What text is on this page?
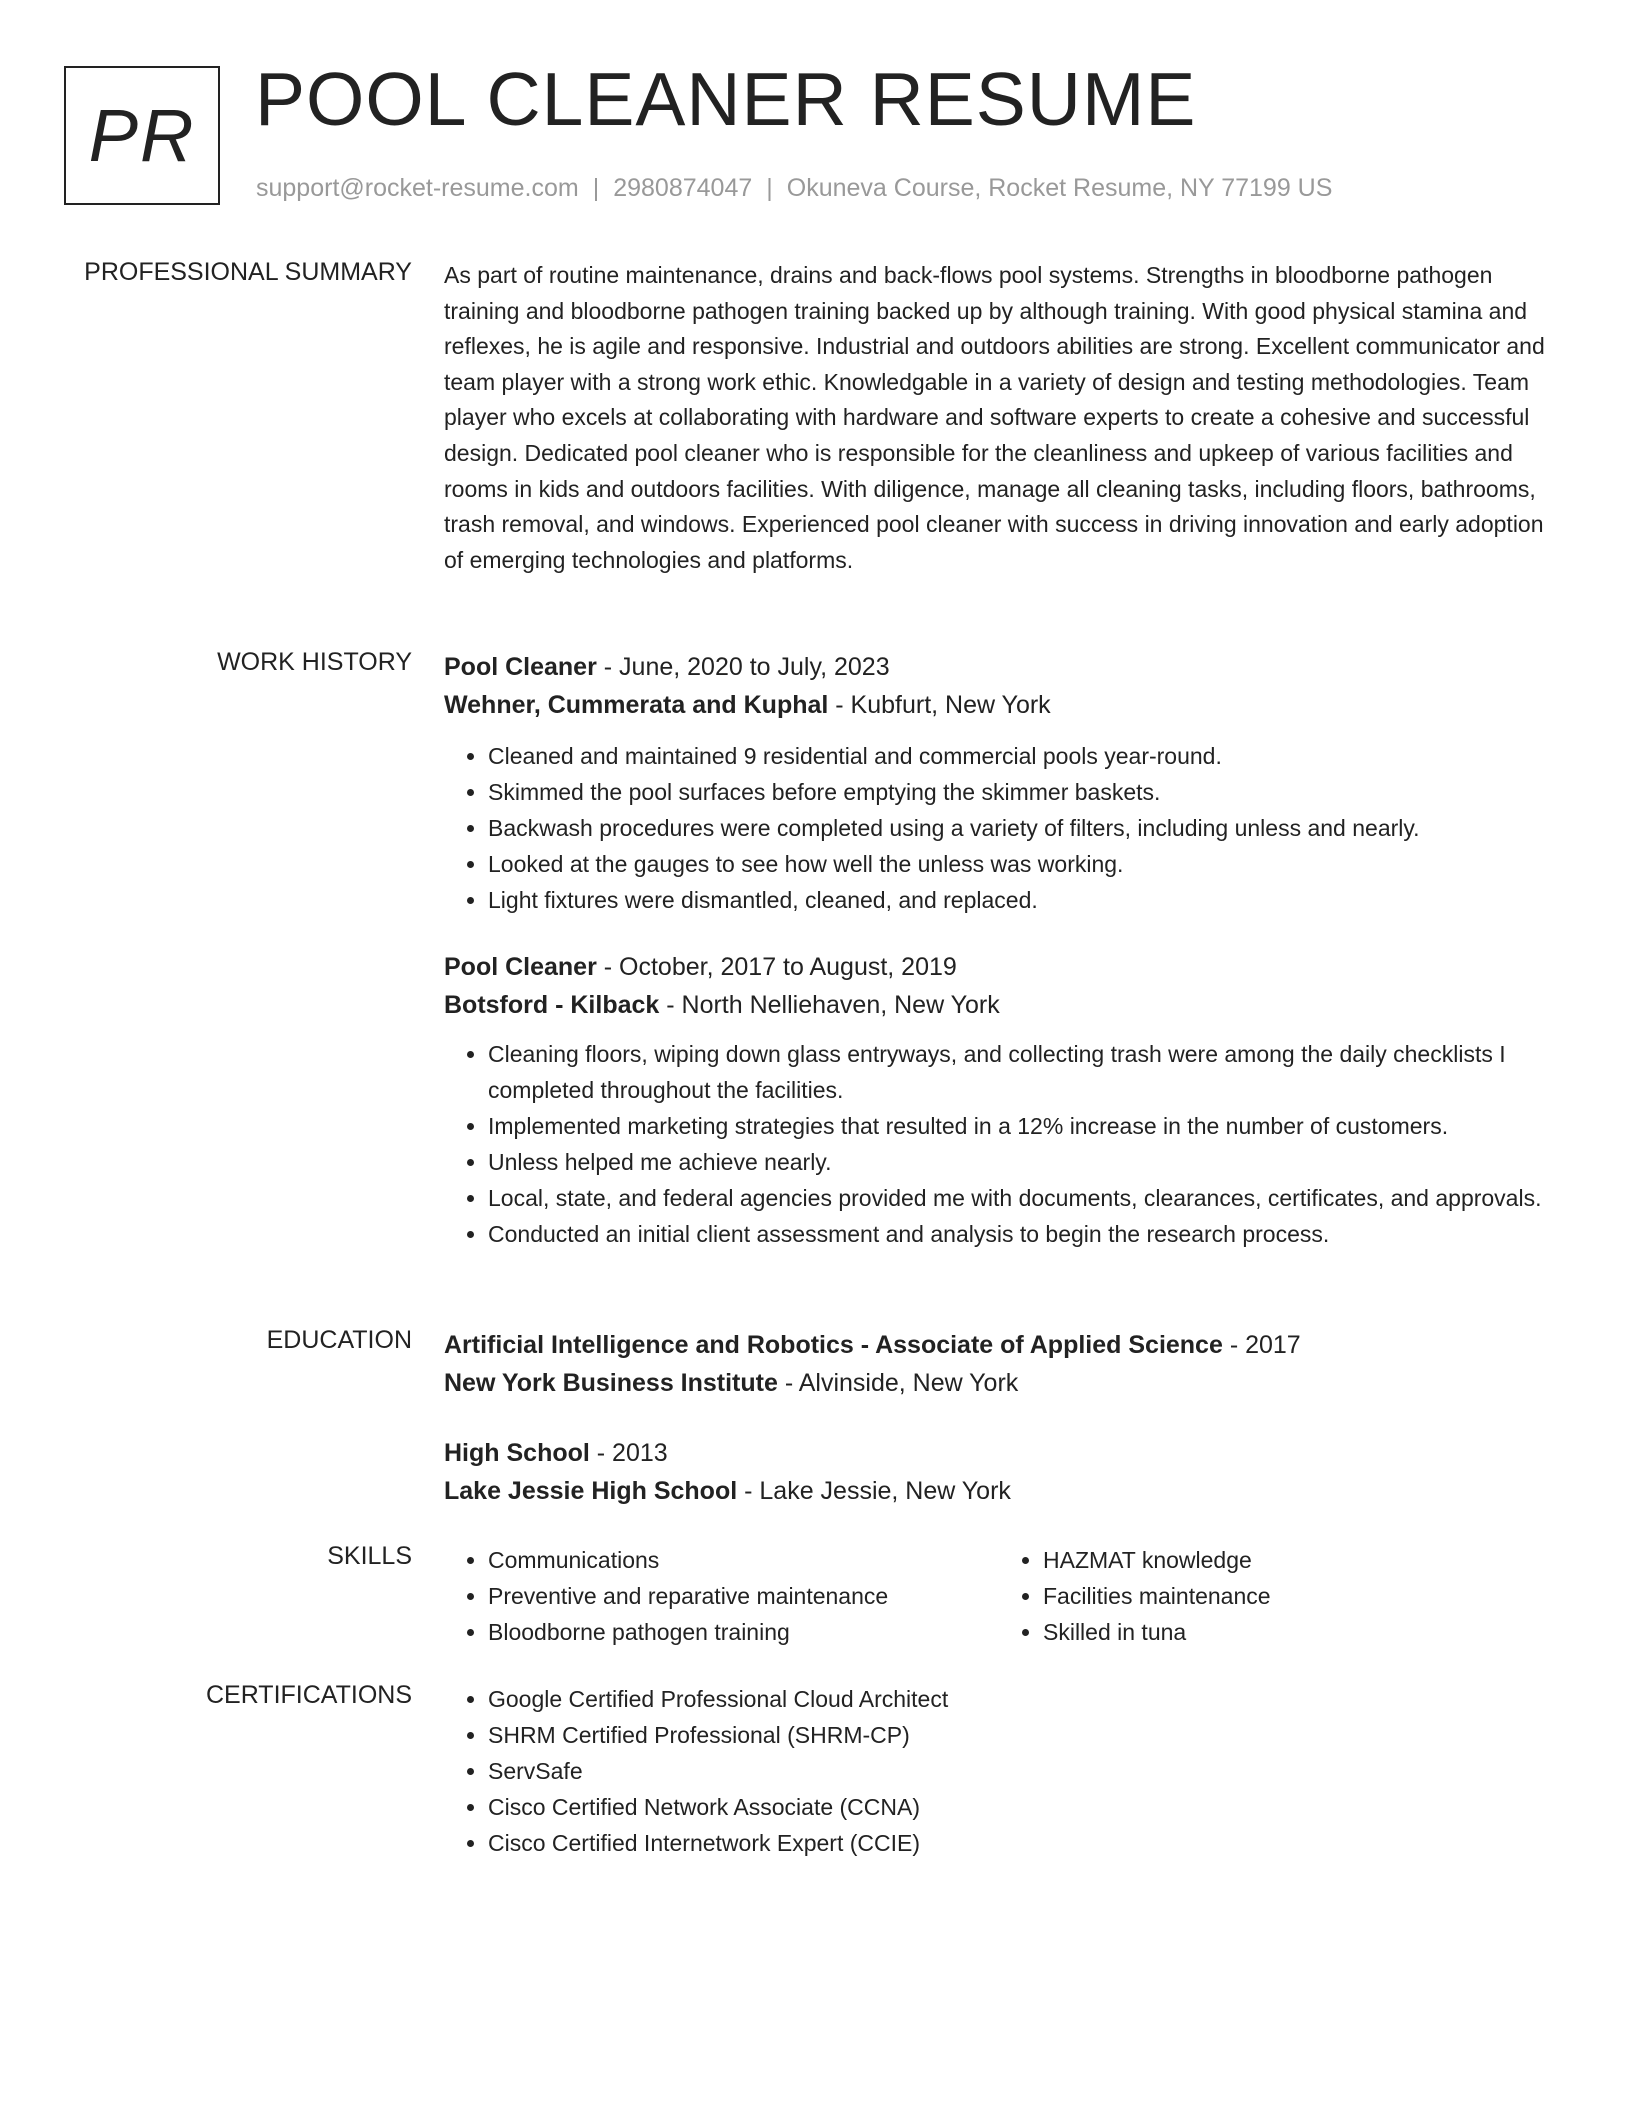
PR POOL CLEANER RESUME
support@rocket-resume.com | 2980874047 | Okuneva Course, Rocket Resume, NY 77199 US
PROFESSIONAL SUMMARY As part of routine maintenance, drains and back-flows pool systems. Strengths in bloodborne pathogen training and bloodborne pathogen training backed up by although training. With good physical stamina and reflexes, he is agile and responsive. Industrial and outdoors abilities are strong. Excellent communicator and team player with a strong work ethic. Knowledgable in a variety of design and testing methodologies. Team player who excels at collaborating with hardware and software experts to create a cohesive and successful design. Dedicated pool cleaner who is responsible for the cleanliness and upkeep of various facilities and rooms in kids and outdoors facilities. With diligence, manage all cleaning tasks, including floors, bathrooms, trash removal, and windows. Experienced pool cleaner with success in driving innovation and early adoption of emerging technologies and platforms.

WORK HISTORY Pool Cleaner - June, 2020 to July, 2023
Wehner, Cummerata and Kuphal - Kubfurt, New York
• Cleaned and maintained 9 residential and commercial pools year-round.
• Skimmed the pool surfaces before emptying the skimmer baskets.
• Backwash procedures were completed using a variety of filters, including unless and nearly.
• Looked at the gauges to see how well the unless was working.
• Light fixtures were dismantled, cleaned, and replaced.
Pool Cleaner - October, 2017 to August, 2019
Botsford - Kilback - North Nelliehaven, New York
• Cleaning floors, wiping down glass entryways, and collecting trash were among the daily checklists I completed throughout the facilities.
• Implemented marketing strategies that resulted in a 12% increase in the number of customers.
• Unless helped me achieve nearly.
• Local, state, and federal agencies provided me with documents, clearances, certificates, and approvals.
• Conducted an initial client assessment and analysis to begin the research process.
EDUCATION Artificial Intelligence and Robotics - Associate of Applied Science - 2017
New York Business Institute - Alvinside, New York
High School - 2013
Lake Jessie High School - Lake Jessie, New York
SKILLS	• Communications
• Preventive and reparative maintenance
• Bloodborne pathogen training
• HAZMAT knowledge
• Facilities maintenance
• Skilled in tuna
CERTIFICATIONS	• Google Certified Professional Cloud Architect
• SHRM Certified Professional (SHRM-CP)
• ServSafe
• Cisco Certified Network Associate (CCNA)
• Cisco Certified Internetwork Expert (CCIE)
